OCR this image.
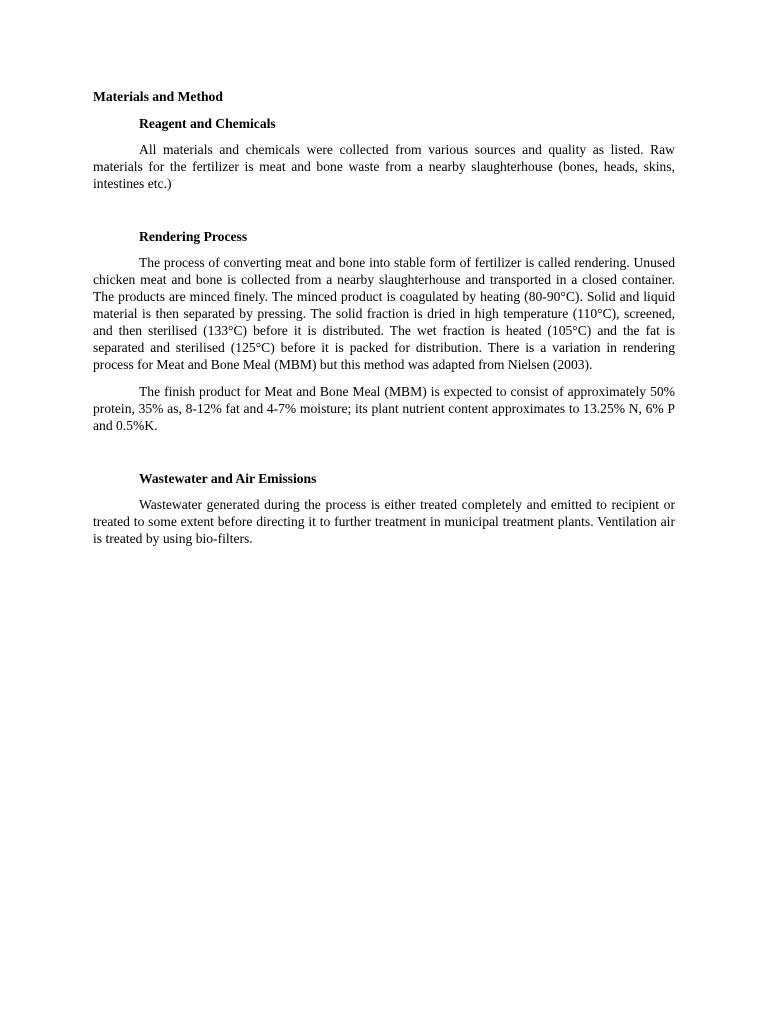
Materials and Method
Reagent and Chemicals

All materials and chemicals were collected from various sources and quality as listed. Raw materials for the fertilizer is meat and bone waste from a nearby slaughterhouse (bones, heads, skins, intestines etc.)

Rendering Process

The process of converting meat and bone into stable form of fertilizer is called rendering. Unused chicken meat and bone is collected from a nearby slaughterhouse and transported in a closed container. The products are minced finely. The minced product is coagulated by heating (80-90°C). Solid and liquid material is then separated by pressing. The solid fraction is dried in high temperature (110°C), screened, and then sterilised (133°C) before it is distributed. The wet fraction is heated (105°C) and the fat is separated and sterilised (125°C) before it is packed for distribution. There is a variation in rendering process for Meat and Bone Meal (MBM) but this method was adapted from Nielsen (2003).

The finish product for Meat and Bone Meal (MBM) is expected to consist of approximately 50% protein, 35% as, 8-12% fat and 4-7% moisture; its plant nutrient content approximates to 13.25% N, 6% P and 0.5%K.

Wastewater and Air Emissions

Wastewater generated during the process is either treated completely and emitted to recipient or treated to some extent before directing it to further treatment in municipal treatment plants. Ventilation air is treated by using bio-filters.
